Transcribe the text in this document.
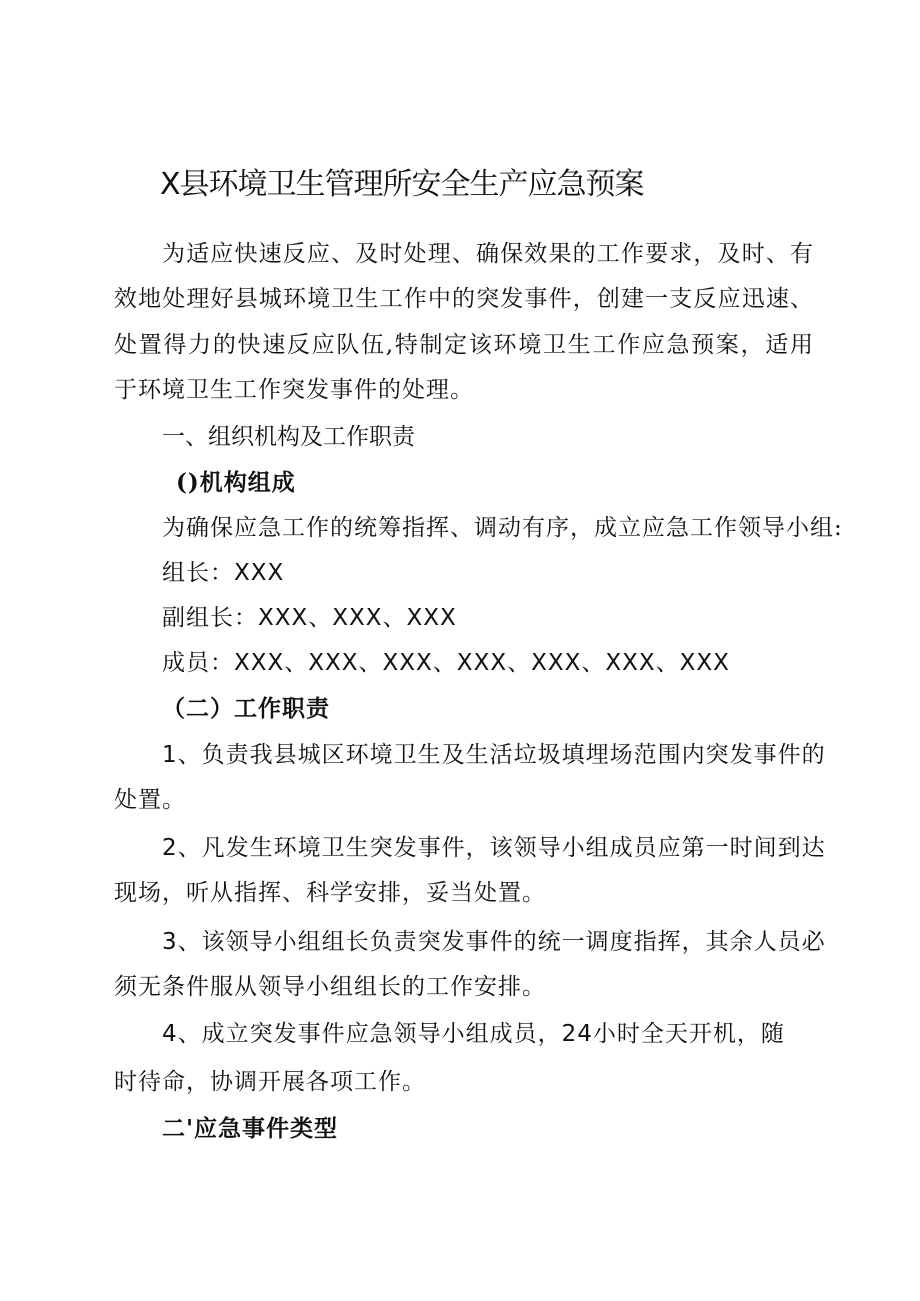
X县环境卫生管理所安全生产应急预案
为适应快速反应、及时处理、确保效果的工作要求，及时、有效地处理好县城环境卫生工作中的突发事件，创建一支反应迅速、处置得力的快速反应队伍,特制定该环境卫生工作应急预案，适用于环境卫生工作突发事件的处理。
一、组织机构及工作职责
()机构组成
为确保应急工作的统筹指挥、调动有序，成立应急工作领导小组:
组长：XXX
副组长：XXX、XXX、XXX
成员：XXX、XXX、XXX、XXX、XXX、XXX、XXX
（二）工作职责
1、负责我县城区环境卫生及生活垃圾填埋场范围内突发事件的
处置。
2、凡发生环境卫生突发事件，该领导小组成员应第一时间到达
现场，听从指挥、科学安排，妥当处置。
3、该领导小组组长负责突发事件的统一调度指挥，其余人员必
须无条件服从领导小组组长的工作安排。
4、成立突发事件应急领导小组成员，24小时全天开机，随
时待命，协调开展各项工作。
二'应急事件类型
